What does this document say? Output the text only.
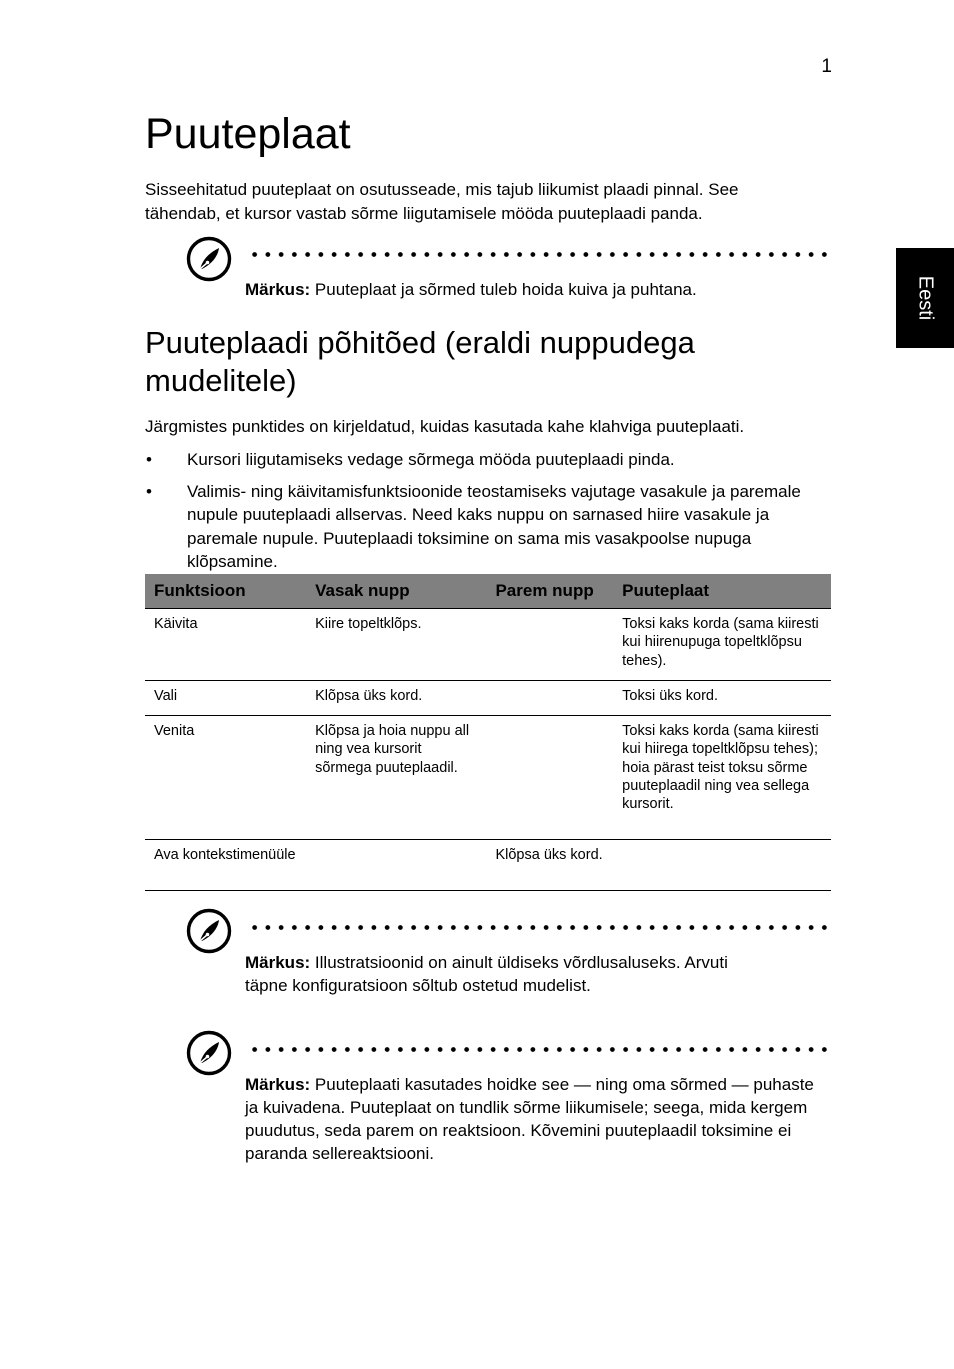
1
Eesti
Puuteplaat

Sisseehitatud puuteplaat on osutusseade, mis tajub liikumist plaadi pinnal. See tähendab, et kursor vastab sõrme liigutamisele mööda puuteplaadi panda.

Märkus: Puuteplaat ja sõrmed tuleb hoida kuiva ja puhtana.

Puuteplaadi põhitõed (eraldi nuppudega mudelitele)

Järgmistes punktides on kirjeldatud, kuidas kasutada kahe klahviga puuteplaati.

• Kursori liigutamiseks vedage sõrmega mööda puuteplaadi pinda.

• Valimis- ning käivitamisfunktsioonide teostamiseks vajutage vasakule ja paremale nupule puuteplaadi allservas. Need kaks nuppu on sarnased hiire vasakule ja paremale nupule. Puuteplaadi toksimine on sama mis vasakpoolse nupuga klõpsamine.

Funktsioon	Vasak nupp	Parem nupp	Puuteplaat
Käivita	Kiire topeltklõps.		Toksi kaks korda (sama kiiresti kui hiirenupuga topeltklõpsu tehes).
Vali	Klõpsa üks kord.		Toksi üks kord.
Venita	Klõpsa ja hoia nuppu all ning vea kursorit sõrmega puuteplaadil.		Toksi kaks korda (sama kiiresti kui hiirega topeltklõpsu tehes); hoia pärast teist toksu sõrme puuteplaadil ning vea sellega kursorit.
Ava kontekstimenüüle		Klõpsa üks kord.	

Märkus: Illustratsioonid on ainult üldiseks võrdlusaluseks. Arvuti täpne konfiguratsioon sõltub ostetud mudelist.

Märkus: Puuteplaati kasutades hoidke see — ning oma sõrmed — puhaste ja kuivadena. Puuteplaat on tundlik sõrme liikumisele; seega, mida kergem puudutus, seda parem on reaktsioon. Kõvemini puuteplaadil toksimine ei paranda sellereaktsiooni.
